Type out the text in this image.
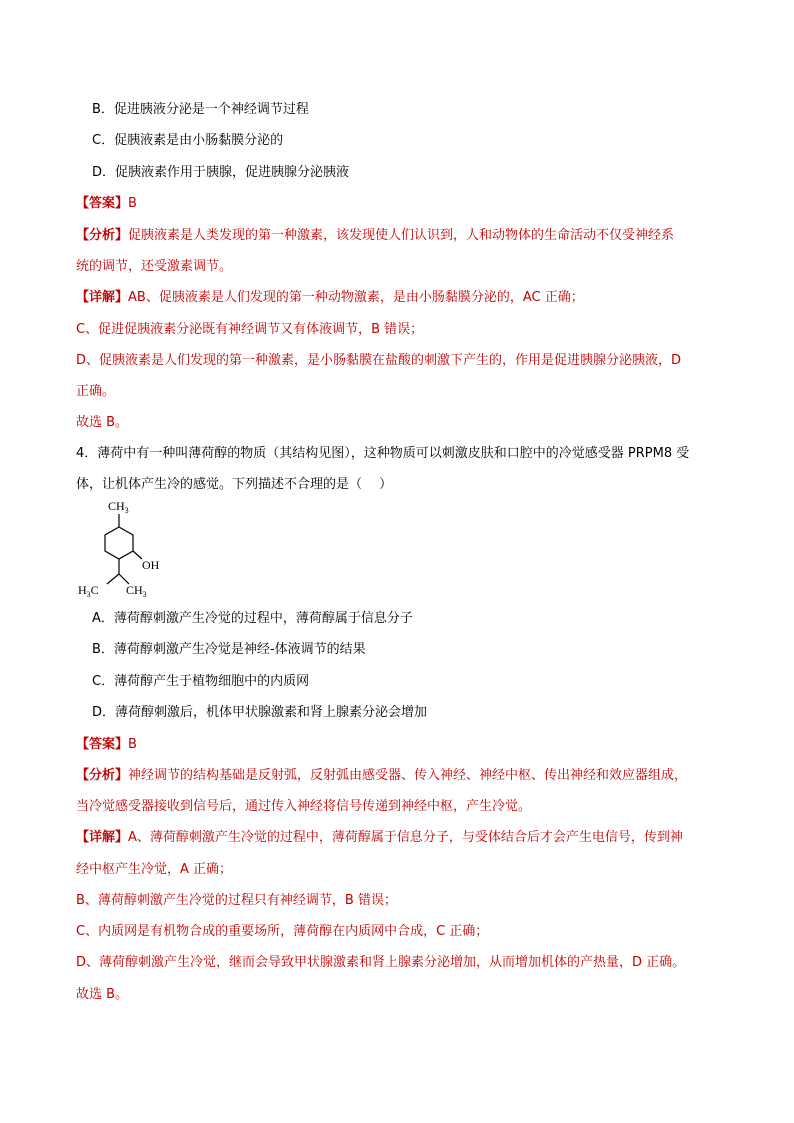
B．促进胰液分泌是一个神经调节过程
C．促胰液素是由小肠黏膜分泌的
D．促胰液素作用于胰腺，促进胰腺分泌胰液
【答案】B
【分析】促胰液素是人类发现的第一种激素，该发现使人们认识到，人和动物体的生命活动不仅受神经系
统的调节，还受激素调节。
【详解】AB、促胰液素是人们发现的第一种动物激素，是由小肠黏膜分泌的，AC 正确；
C、促进促胰液素分泌既有神经调节又有体液调节，B 错误；
D、促胰液素是人们发现的第一种激素，是小肠黏膜在盐酸的刺激下产生的，作用是促进胰腺分泌胰液，D
正确。
故选 B。
4．薄荷中有一种叫薄荷醇的物质（其结构见图），这种物质可以刺激皮肤和口腔中的冷觉感受器 PRPM8 受
体，让机体产生冷的感觉。下列描述不合理的是（　 ）
$CH_3$
OH
$H_3C$ $CH_3$
A．薄荷醇刺激产生冷觉的过程中，薄荷醇属于信息分子
B．薄荷醇刺激产生冷觉是神经-体液调节的结果
C．薄荷醇产生于植物细胞中的内质网
D．薄荷醇刺激后，机体甲状腺激素和肾上腺素分泌会增加
【答案】B
【分析】神经调节的结构基础是反射弧，反射弧由感受器、传入神经、神经中枢、传出神经和效应器组成，
当冷觉感受器接收到信号后，通过传入神经将信号传递到神经中枢，产生冷觉。
【详解】A、薄荷醇刺激产生冷觉的过程中，薄荷醇属于信息分子，与受体结合后才会产生电信号，传到神
经中枢产生冷觉，A 正确；
B、薄荷醇刺激产生冷觉的过程只有神经调节，B 错误；
C、内质网是有机物合成的重要场所，薄荷醇在内质网中合成，C 正确；
D、薄荷醇刺激产生冷觉，继而会导致甲状腺激素和肾上腺素分泌增加，从而增加机体的产热量，D 正确。
故选 B。
